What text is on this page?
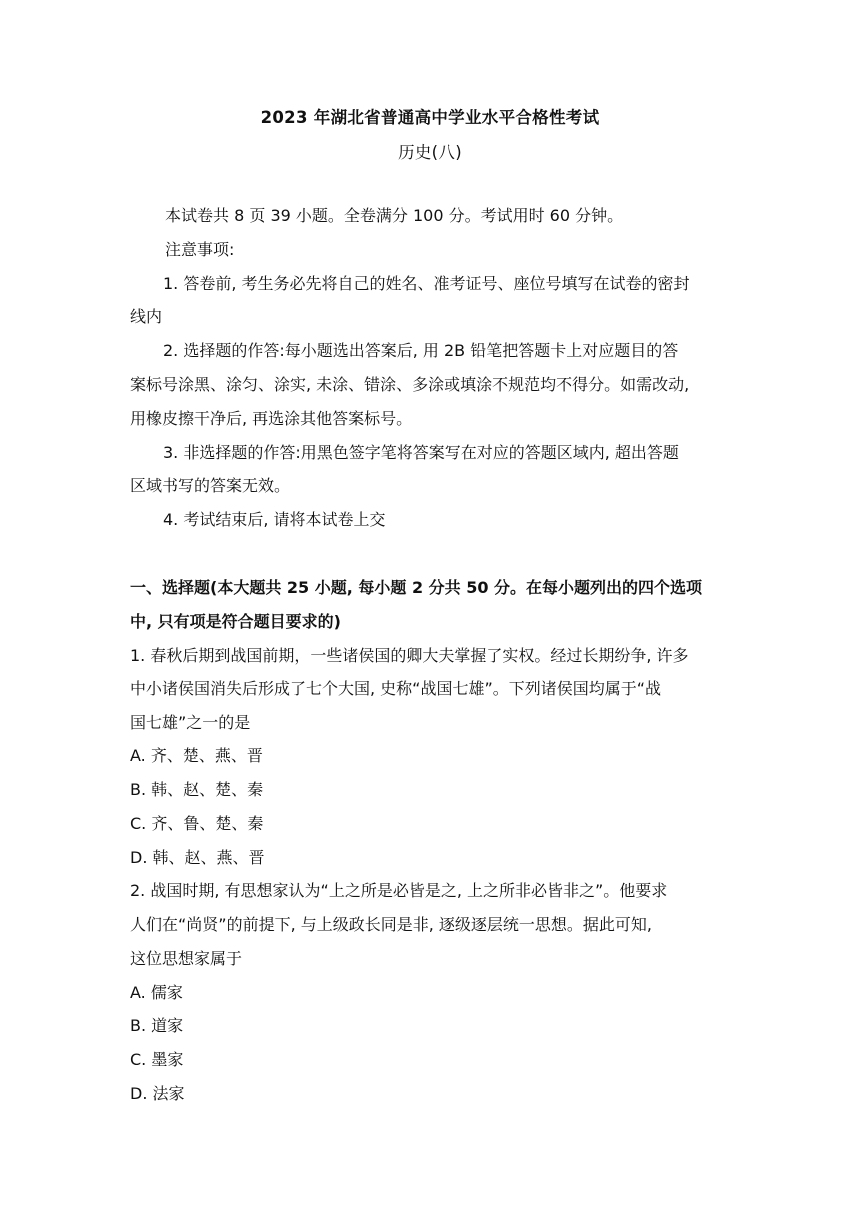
2023 年湖北省普通高中学业水平合格性考试
历史(八)
本试卷共 8 页 39 小题。全卷满分 100 分。考试用时 60 分钟。
注意事项:
1. 答卷前, 考生务必先将自己的姓名、准考证号、座位号填写在试卷的密封
线内
2. 选择题的作答:每小题选出答案后, 用 2B 铅笔把答题卡上对应题目的答
案标号涂黑、涂匀、涂实, 未涂、错涂、多涂或填涂不规范均不得分。如需改动,
用橡皮擦干净后, 再选涂其他答案标号。
3. 非选择题的作答:用黑色签字笔将答案写在对应的答题区域内, 超出答题
区域书写的答案无效。
4. 考试结束后, 请将本试卷上交
一、选择题(本大题共 25 小题, 每小题 2 分共 50 分。在每小题列出的四个选项
中, 只有项是符合题目要求的)
1. 春秋后期到战国前期，一些诸侯国的卿大夫掌握了实权。经过长期纷争, 许多
中小诸侯国消失后形成了七个大国, 史称“战国七雄”。下列诸侯国均属于“战
国七雄”之一的是
A. 齐、楚、燕、晋
B. 韩、赵、楚、秦
C. 齐、鲁、楚、秦
D. 韩、赵、燕、晋
2. 战国时期, 有思想家认为“上之所是必皆是之, 上之所非必皆非之”。他要求
人们在“尚贤”的前提下, 与上级政长同是非, 逐级逐层统一思想。据此可知,
这位思想家属于
A. 儒家
B. 道家
C. 墨家
D. 法家
